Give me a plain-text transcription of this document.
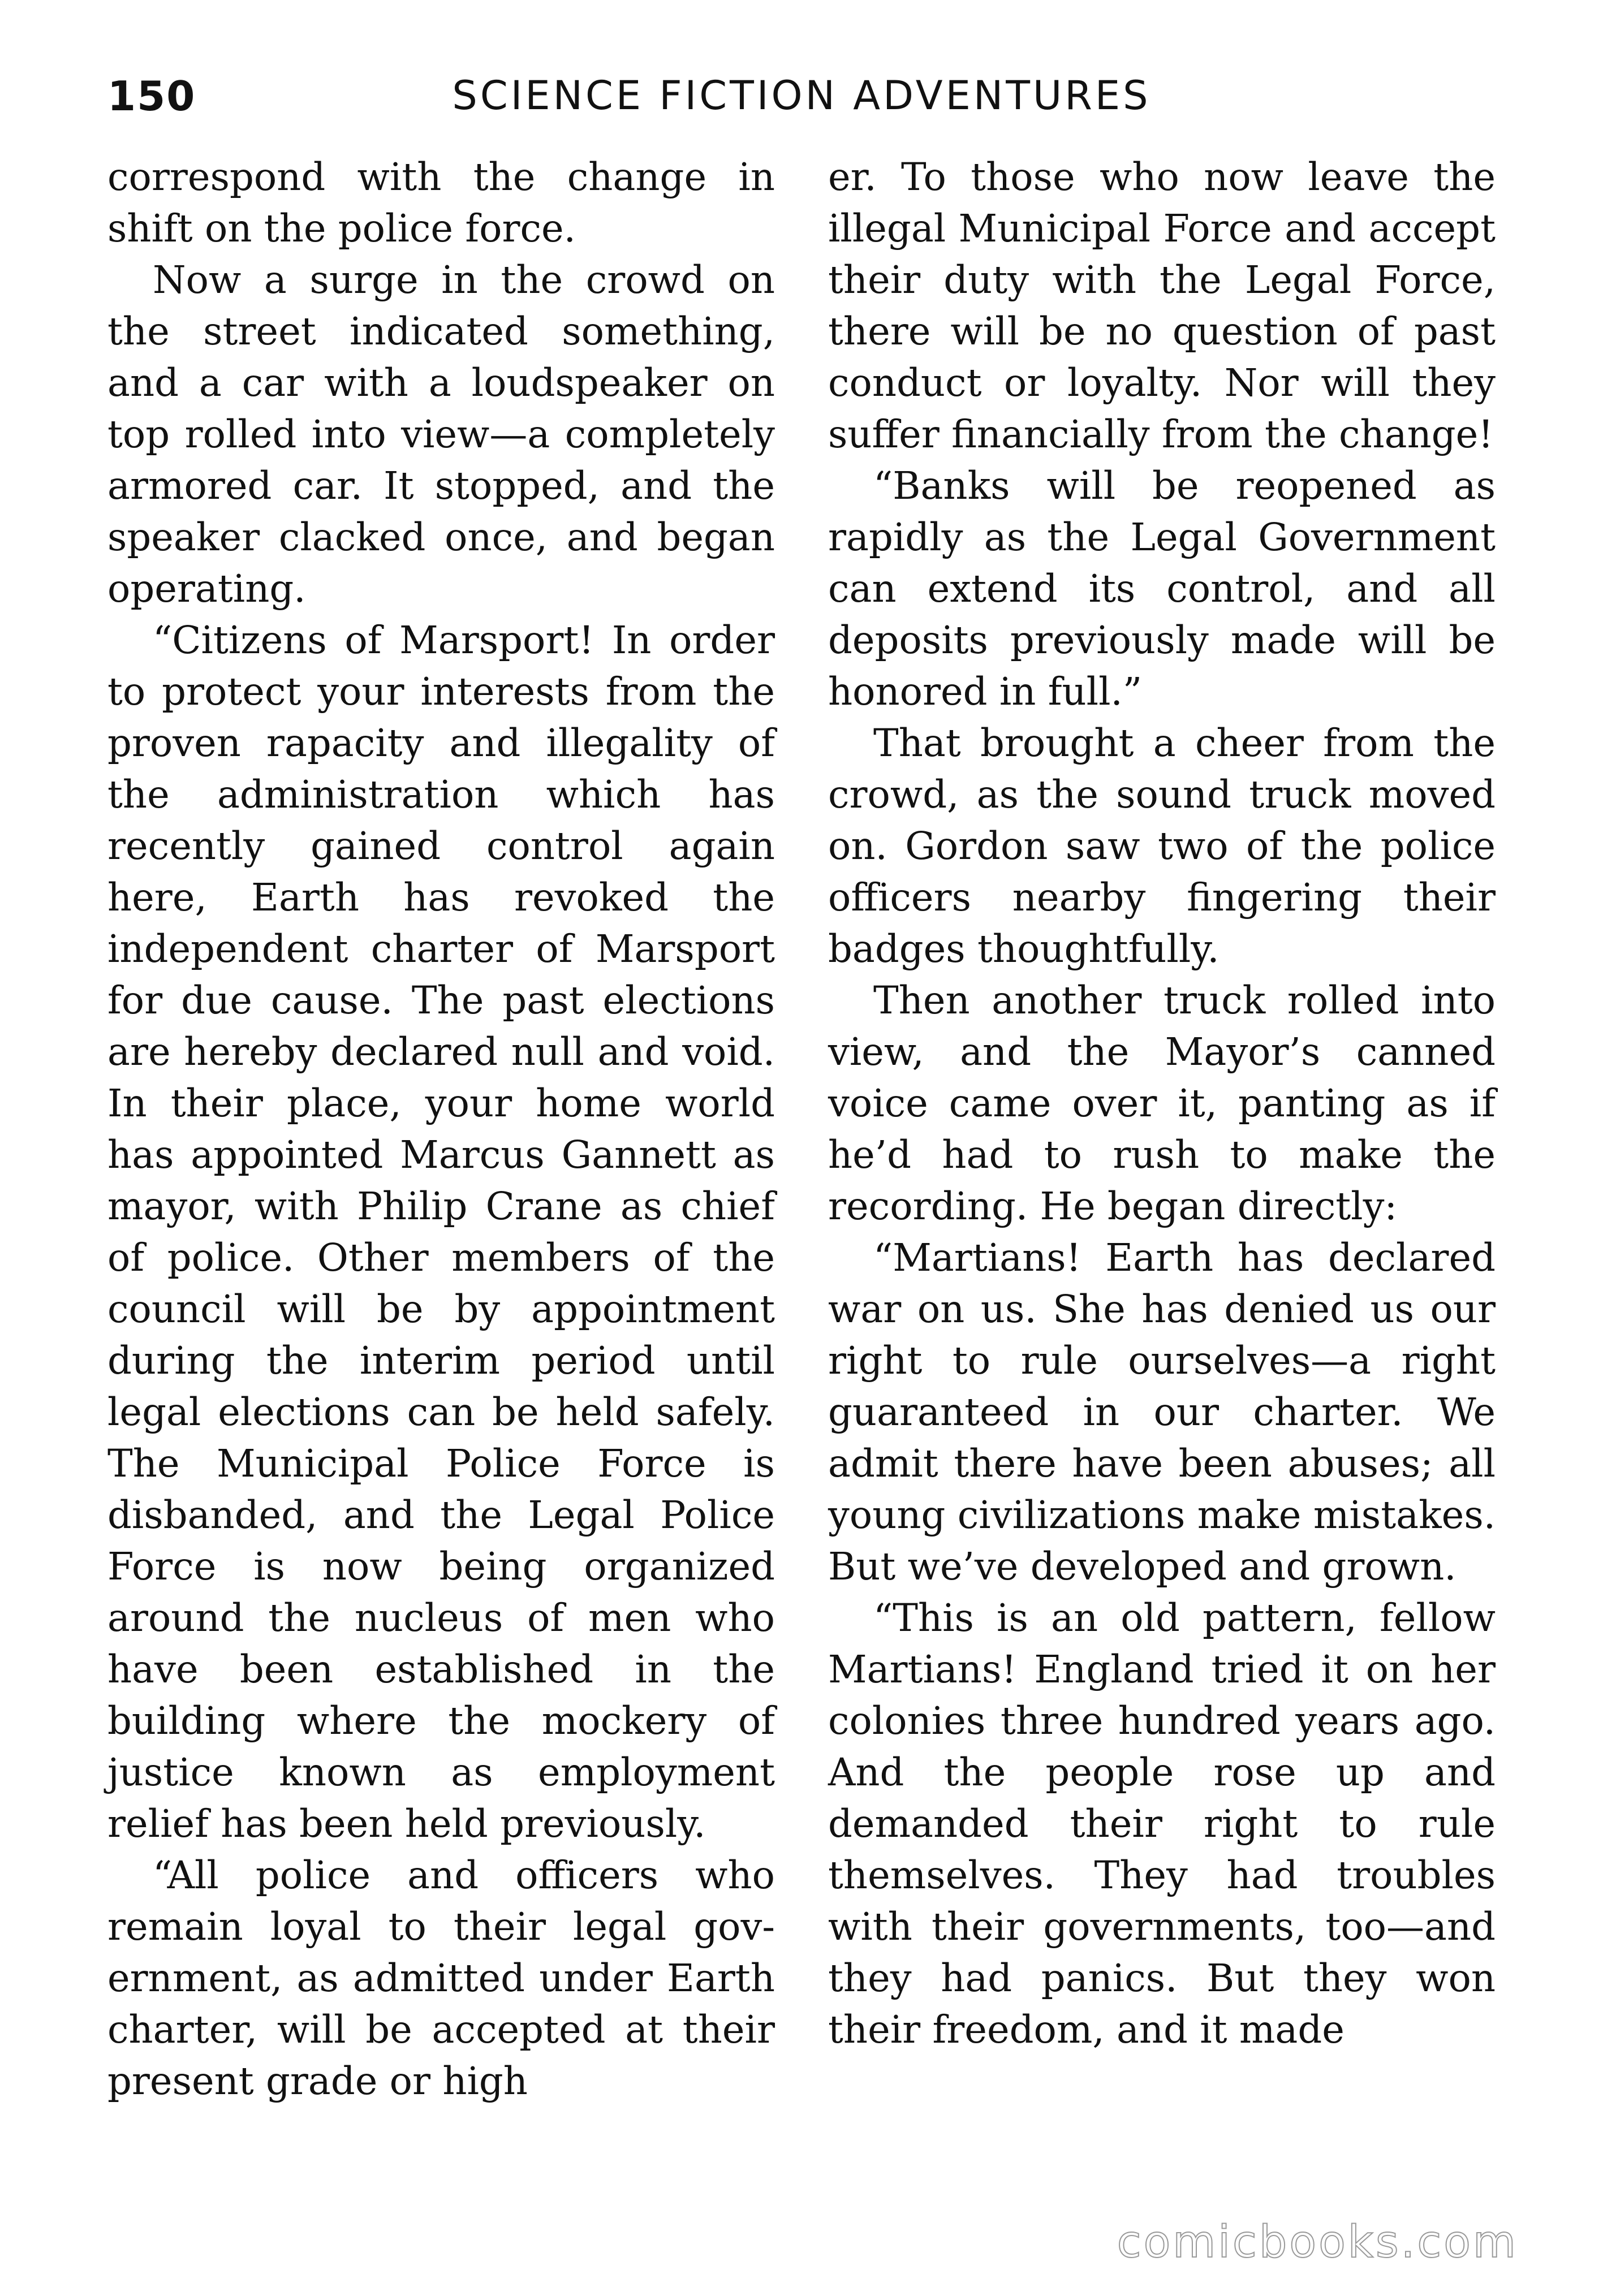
150	SCIENCE FICTION ADVENTURES

correspond with the change in shift on the police force.

Now a surge in the crowd on the street indicated something, and a car with a loudspeaker on top rolled into view—a completely armored car. It stopped, and the speaker clacked once, and began operating.

“Citizens of Marsport! In order to protect your interests from the proven rapacity and illegality of the administration which has recently gained control again here, Earth has revoked the independent charter of Marsport for due cause. The past elections are hereby declared null and void. In their place, your home world has appointed Marcus Gannett as mayor, with Philip Crane as chief of police. Other members of the council will be by appointment during the interim period until legal elections can be held safely. The Municipal Police Force is disbanded, and the Legal Police Force is now being organized around the nucleus of men who have been established in the building where the mockery of justice known as employment relief has been held previously.

“All police and officers who remain loyal to their legal government, as admitted under Earth charter, will be accepted at their present grade or high

er. To those who now leave the illegal Municipal Force and accept their duty with the Legal Force, there will be no question of past conduct or loyalty. Nor will they suffer financially from the change!

“Banks will be reopened as rapidly as the Legal Government can extend its control, and all deposits previously made will be honored in full.”

That brought a cheer from the crowd, as the sound truck moved on. Gordon saw two of the police officers nearby fingering their badges thoughtfully.

Then another truck rolled into view, and the Mayor’s canned voice came over it, panting as if he’d had to rush to make the recording. He began directly:

“Martians! Earth has declared war on us. She has denied us our right to rule ourselves—a right guaranteed in our charter. We admit there have been abuses; all young civilizations make mistakes. But we’ve developed and grown.

“This is an old pattern, fellow Martians! England tried it on her colonies three hundred years ago. And the people rose up and demanded their right to rule themselves. They had troubles with their governments, too—and they had panics. But they won their freedom, and it made

comicbooks.com
